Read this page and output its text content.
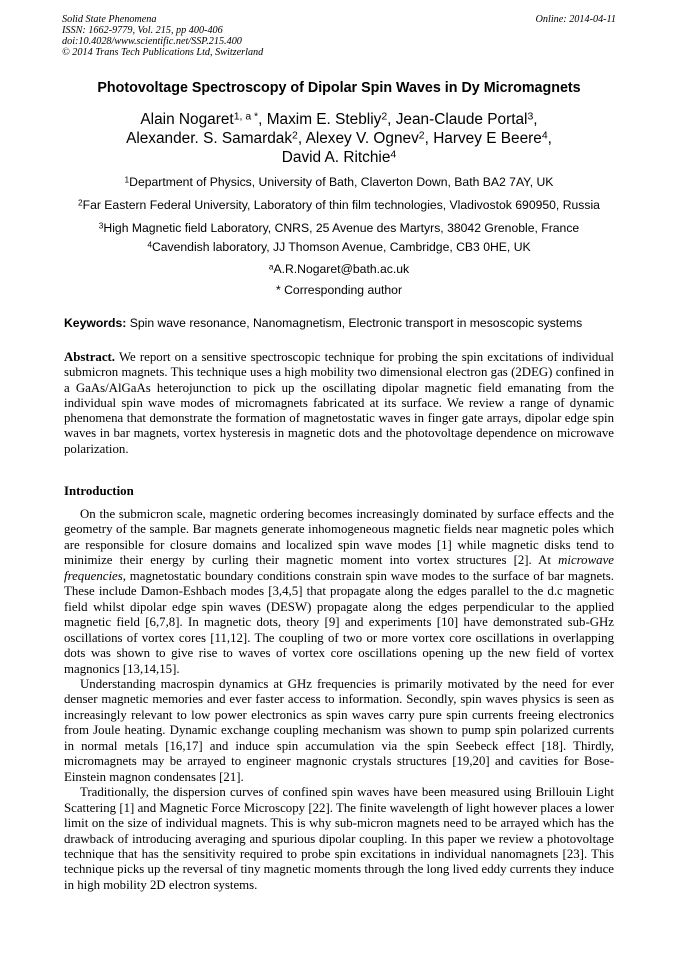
Solid State Phenomena
ISSN: 1662-9779, Vol. 215, pp 400-406
doi:10.4028/www.scientific.net/SSP.215.400
© 2014 Trans Tech Publications Ltd, Switzerland
Online: 2014-04-11
Photovoltage Spectroscopy of Dipolar Spin Waves in Dy Micromagnets
Alain Nogaret$^{1, a *}$, Maxim E. Stebliy$^2$, Jean-Claude Portal$^3$,
Alexander. S. Samardak$^2$, Alexey V. Ognev$^2$, Harvey E Beere$^4$,
David A. Ritchie$^4$
$^1$Department of Physics, University of Bath, Claverton Down, Bath BA2 7AY, UK
$^2$Far Eastern Federal University, Laboratory of thin film technologies, Vladivostok 690950, Russia
$^3$High Magnetic field Laboratory, CNRS, 25 Avenue des Martyrs, 38042 Grenoble, France
$^4$Cavendish laboratory, JJ Thomson Avenue, Cambridge, CB3 0HE, UK
$^a$A.R.Nogaret@bath.ac.uk
* Corresponding author
Keywords: Spin wave resonance, Nanomagnetism, Electronic transport in mesoscopic systems
Abstract. We report on a sensitive spectroscopic technique for probing the spin excitations of individual submicron magnets. This technique uses a high mobility two dimensional electron gas (2DEG) confined in a GaAs/AlGaAs heterojunction to pick up the oscillating dipolar magnetic field emanating from the individual spin wave modes of micromagnets fabricated at its surface. We review a range of dynamic phenomena that demonstrate the formation of magnetostatic waves in finger gate arrays, dipolar edge spin waves in bar magnets, vortex hysteresis in magnetic dots and the photovoltage dependence on microwave polarization.
Introduction

On the submicron scale, magnetic ordering becomes increasingly dominated by surface effects and the geometry of the sample. Bar magnets generate inhomogeneous magnetic fields near magnetic poles which are responsible for closure domains and localized spin wave modes [1] while magnetic disks tend to minimize their energy by curling their magnetic moment into vortex structures [2]. At microwave frequencies, magnetostatic boundary conditions constrain spin wave modes to the surface of bar magnets. These include Damon-Eshbach modes [3,4,5] that propagate along the edges parallel to the d.c magnetic field whilst dipolar edge spin waves (DESW) propagate along the edges perpendicular to the applied magnetic field [6,7,8]. In magnetic dots, theory [9] and experiments [10] have demonstrated sub-GHz oscillations of vortex cores [11,12]. The coupling of two or more vortex core oscillations in overlapping dots was shown to give rise to waves of vortex core oscillations opening up the new field of vortex magnonics [13,14,15].

Understanding macrospin dynamics at GHz frequencies is primarily motivated by the need for ever denser magnetic memories and ever faster access to information. Secondly, spin waves physics is seen as increasingly relevant to low power electronics as spin waves carry pure spin currents freeing electronics from Joule heating. Dynamic exchange coupling mechanism was shown to pump spin polarized currents in normal metals [16,17] and induce spin accumulation via the spin Seebeck effect [18]. Thirdly, micromagnets may be arrayed to engineer magnonic crystals structures [19,20] and cavities for Bose-Einstein magnon condensates [21].

Traditionally, the dispersion curves of confined spin waves have been measured using Brillouin Light Scattering [1] and Magnetic Force Microscopy [22]. The finite wavelength of light however places a lower limit on the size of individual magnets. This is why sub-micron magnets need to be arrayed which has the drawback of introducing averaging and spurious dipolar coupling. In this paper we review a photovoltage technique that has the sensitivity required to probe spin excitations in individual nanomagnets [23]. This technique picks up the reversal of tiny magnetic moments through the long lived eddy currents they induce in high mobility 2D electron systems.
